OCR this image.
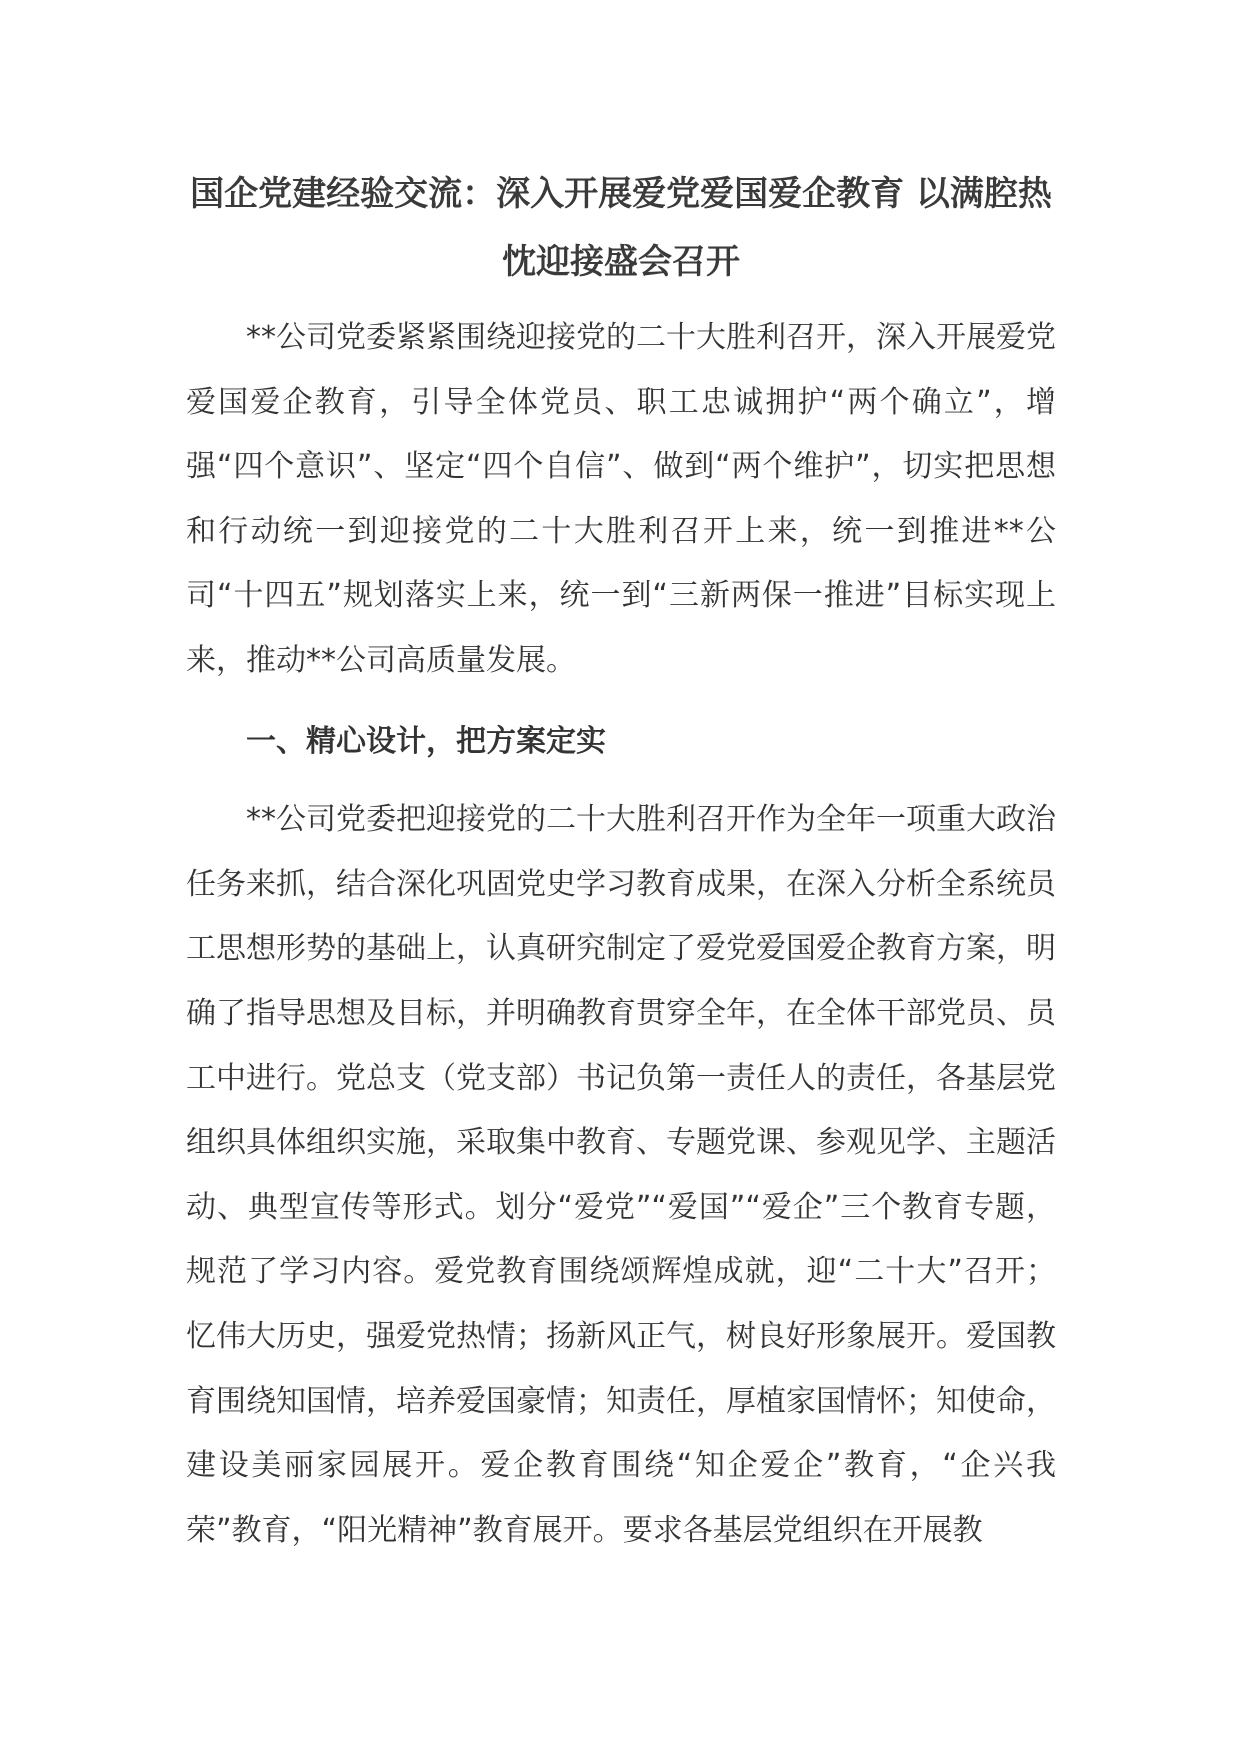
国企党建经验交流：深入开展爱党爱国爱企教育 以满腔热忱迎接盛会召开

**公司党委紧紧围绕迎接党的二十大胜利召开，深入开展爱党爱国爱企教育，引导全体党员、职工忠诚拥护“两个确立”，增强“四个意识”、坚定“四个自信”、做到“两个维护”，切实把思想和行动统一到迎接党的二十大胜利召开上来，统一到推进**公司“十四五”规划落实上来，统一到“三新两保一推进”目标实现上来，推动**公司高质量发展。

一、精心设计，把方案定实

**公司党委把迎接党的二十大胜利召开作为全年一项重大政治任务来抓，结合深化巩固党史学习教育成果，在深入分析全系统员工思想形势的基础上，认真研究制定了爱党爱国爱企教育方案，明确了指导思想及目标，并明确教育贯穿全年，在全体干部党员、员工中进行。党总支（党支部）书记负第一责任人的责任，各基层党组织具体组织实施，采取集中教育、专题党课、参观见学、主题活动、典型宣传等形式。划分“爱党”“爱国”“爱企”三个教育专题，规范了学习内容。爱党教育围绕颂辉煌成就，迎“二十大”召开；忆伟大历史，强爱党热情；扬新风正气，树良好形象展开。爱国教育围绕知国情，培养爱国豪情；知责任，厚植家国情怀；知使命，建设美丽家园展开。爱企教育围绕“知企爱企”教育，“企兴我荣”教育，“阳光精神”教育展开。要求各基层党组织在开展教
